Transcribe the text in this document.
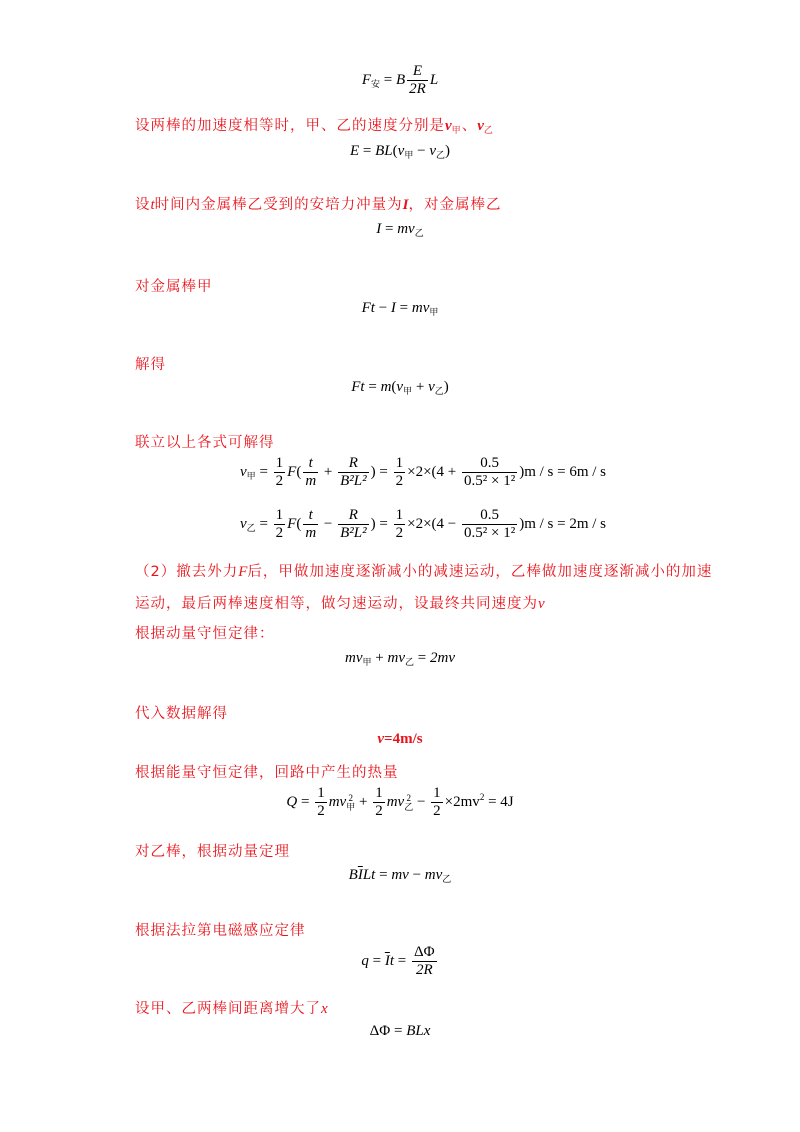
$F_安 = B \frac{E}{2R}$ L
设两棒的加速度相等时，甲、乙的速度分别是$v_甲$、$v_乙$
$E = BL(v_甲 - v_乙)$
设t时间内金属棒乙受到的安培力冲量为I，对金属棒乙
$I = mv_乙$
对金属棒甲
$Ft - I = mv_甲$
解得
$Ft = m(v_甲 + v_乙)$
联立以上各式可解得
$v_甲 = \frac{1}{2} F( \frac{t}{m} + \frac{R}{\text{B²L²}}$ ) = $\frac{1}{2} \times 2\times(4 + \frac{0.5}{\text{0.5² × 1²}} )m / s = 6m / s$
$v_乙 = \frac{1}{2} F( \frac{t}{m} - \frac{R}{\text{B²L²}}$ ) = $\frac{1}{2} \times 2\times(4 - \frac{0.5}{\text{0.5² × 1²}} )m / s = 2m / s$
（2）撤去外力F后，甲做加速度逐渐减小的减速运动，乙棒做加速度逐渐减小的加速
运动，最后两棒速度相等，做匀速运动，设最终共同速度为v
根据动量守恒定律：
$mv_甲 + mv_乙 = 2mv$
代入数据解得
v=4m/s
根据能量守恒定律，回路中产生的热量
$Q = \frac{1}{2}$ mv 2
甲 + $\frac{1}{2}$ mv 2
乙 − $\frac{1}{2} \times 2mv^2 = 4J$
对乙棒，根据动量定理
$B\overline{I}Lt$ = mv − $mv_乙$
根据法拉第电磁感应定律
$q = \overline{I}t = \frac{\Delta\Phi}{2R}$
设甲、乙两棒间距离增大了x
ΔΦ = BLx
